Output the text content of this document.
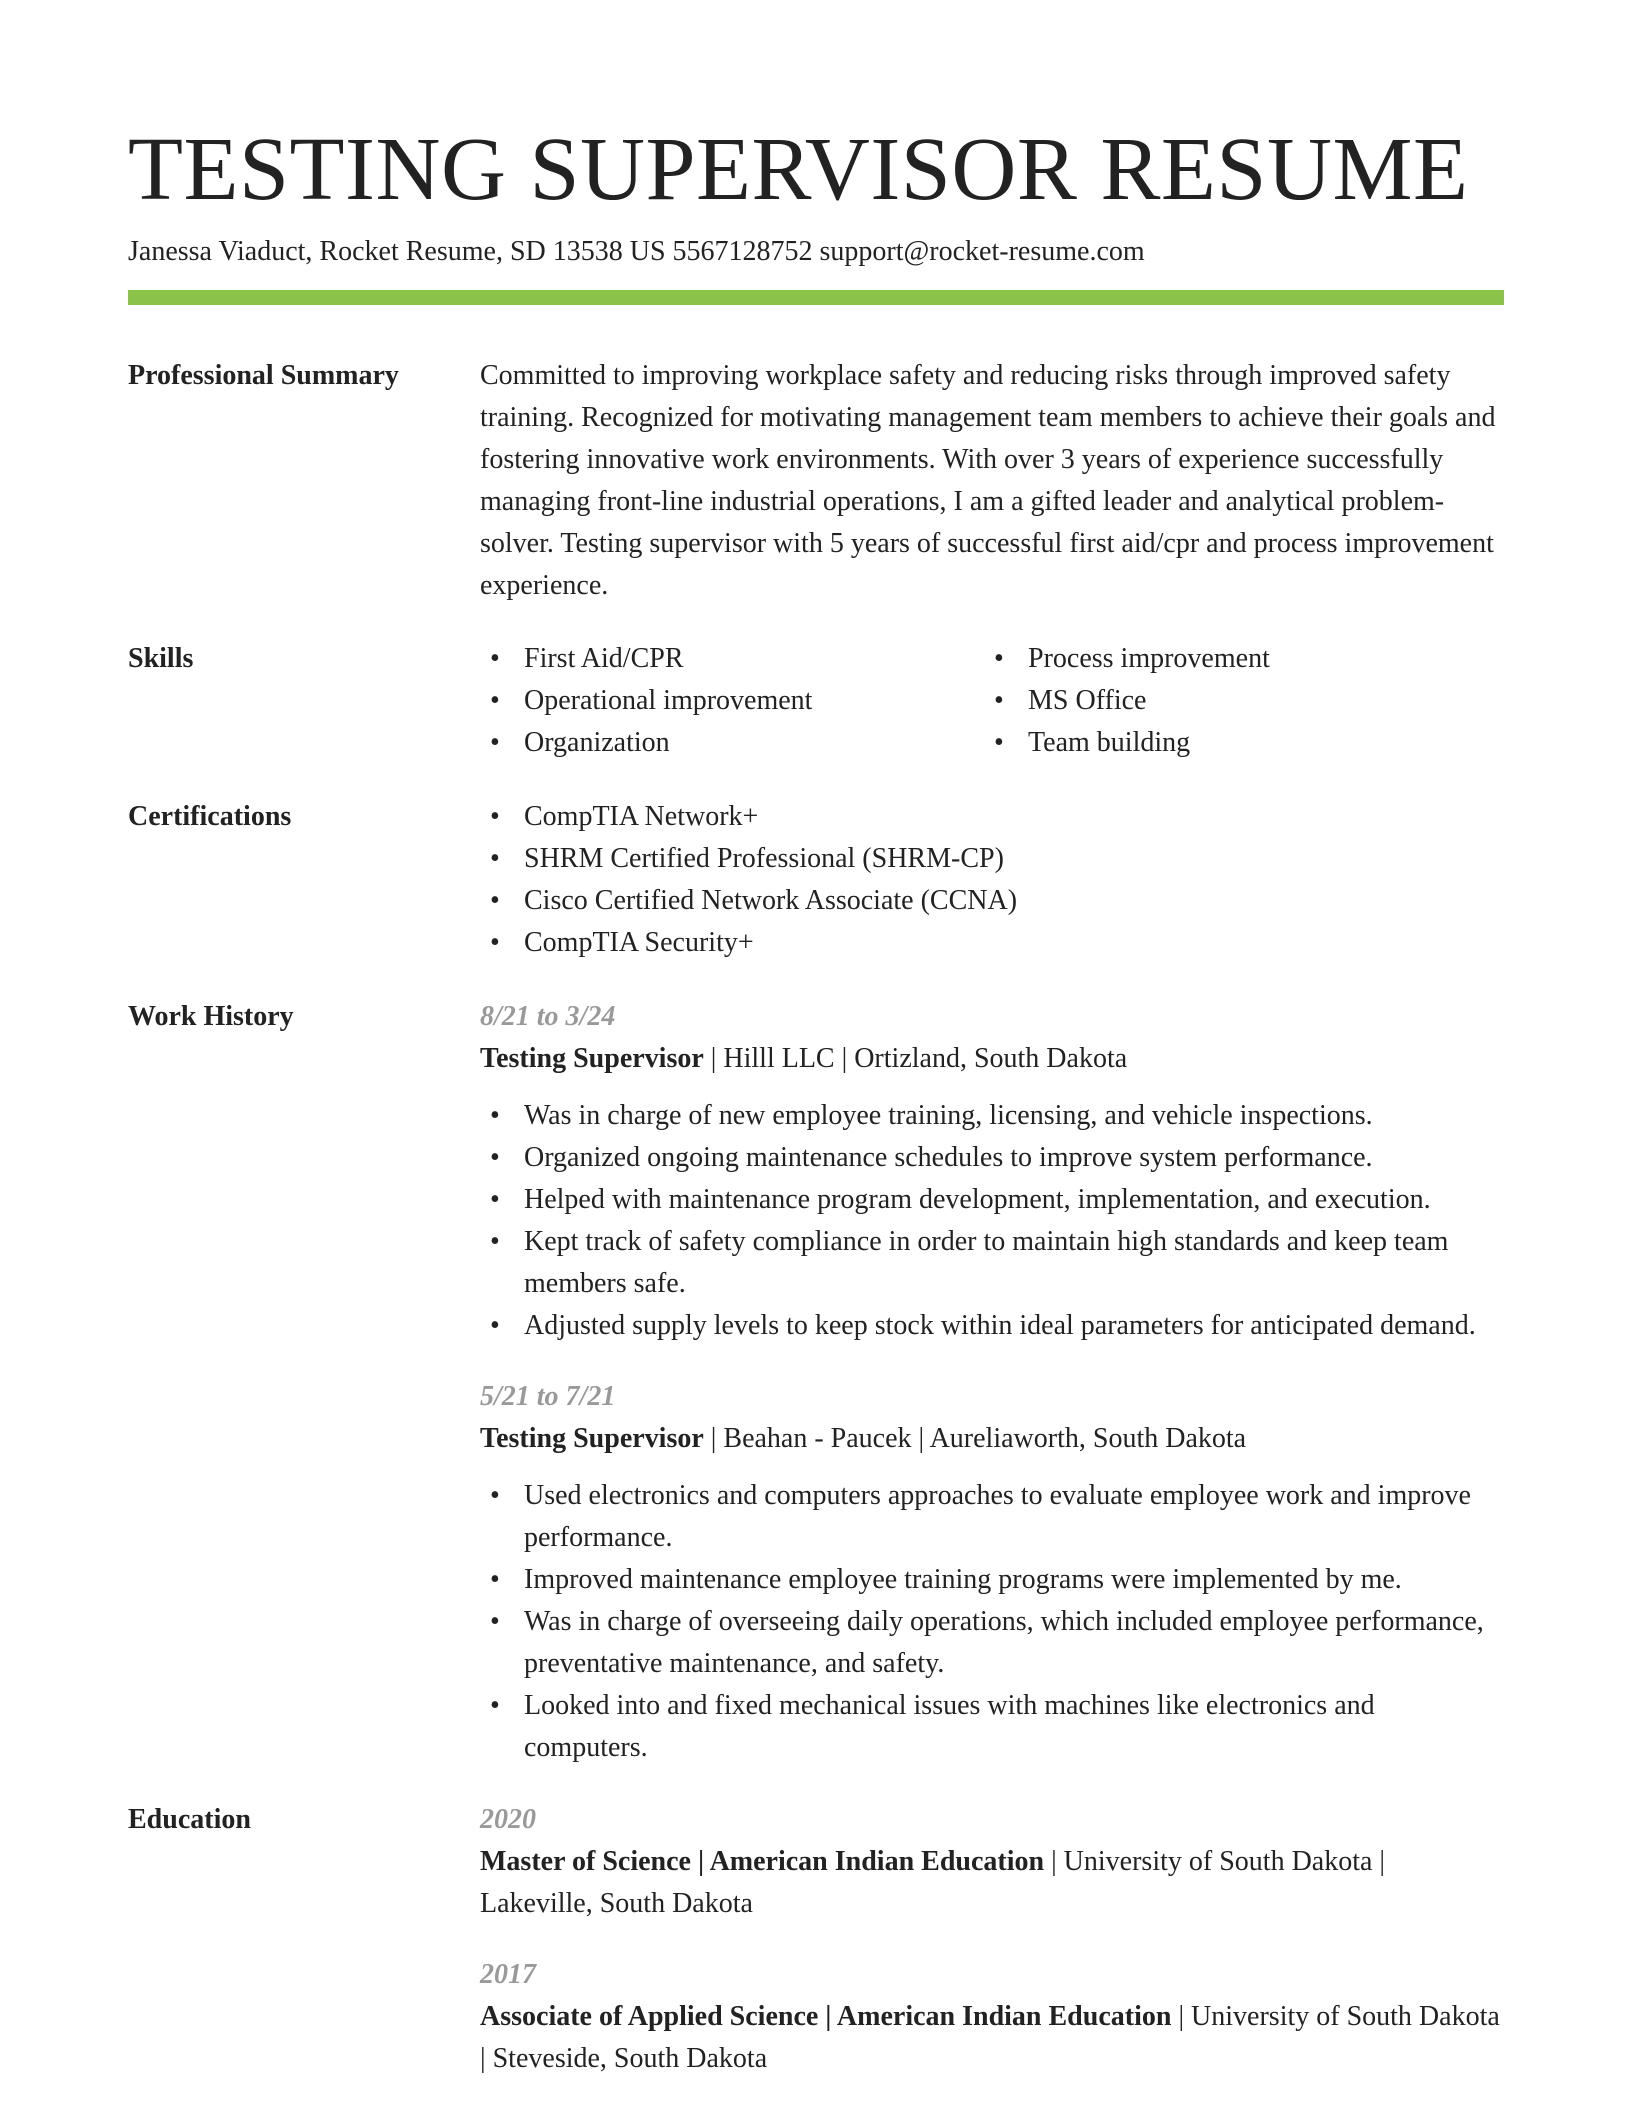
TESTING SUPERVISOR RESUME
Janessa Viaduct, Rocket Resume, SD 13538 US 5567128752 support@rocket-resume.com
Professional Summary	Committed to improving workplace safety and reducing risks through improved safety training. Recognized for motivating management team members to achieve their goals and fostering innovative work environments. With over 3 years of experience successfully managing front-line industrial operations, I am a gifted leader and analytical problem-solver. Testing supervisor with 5 years of successful first aid/cpr and process improvement experience.
Skills	• First Aid/CPR
• Operational improvement
• Organization
• Process improvement
• MS Office
• Team building
Certifications	• CompTIA Network+
• SHRM Certified Professional (SHRM-CP)
• Cisco Certified Network Associate (CCNA)
• CompTIA Security+
Work History	8/21 to 3/24
Testing Supervisor | Hilll LLC | Ortizland, South Dakota
• Was in charge of new employee training, licensing, and vehicle inspections.
• Organized ongoing maintenance schedules to improve system performance.
• Helped with maintenance program development, implementation, and execution.
• Kept track of safety compliance in order to maintain high standards and keep team members safe.
• Adjusted supply levels to keep stock within ideal parameters for anticipated demand.
5/21 to 7/21
Testing Supervisor | Beahan - Paucek | Aureliaworth, South Dakota
• Used electronics and computers approaches to evaluate employee work and improve performance.
• Improved maintenance employee training programs were implemented by me.
• Was in charge of overseeing daily operations, which included employee performance, preventative maintenance, and safety.
• Looked into and fixed mechanical issues with machines like electronics and computers.
Education	2020
Master of Science | American Indian Education | University of South Dakota | Lakeville, South Dakota
2017
Associate of Applied Science | American Indian Education | University of South Dakota | Steveside, South Dakota
